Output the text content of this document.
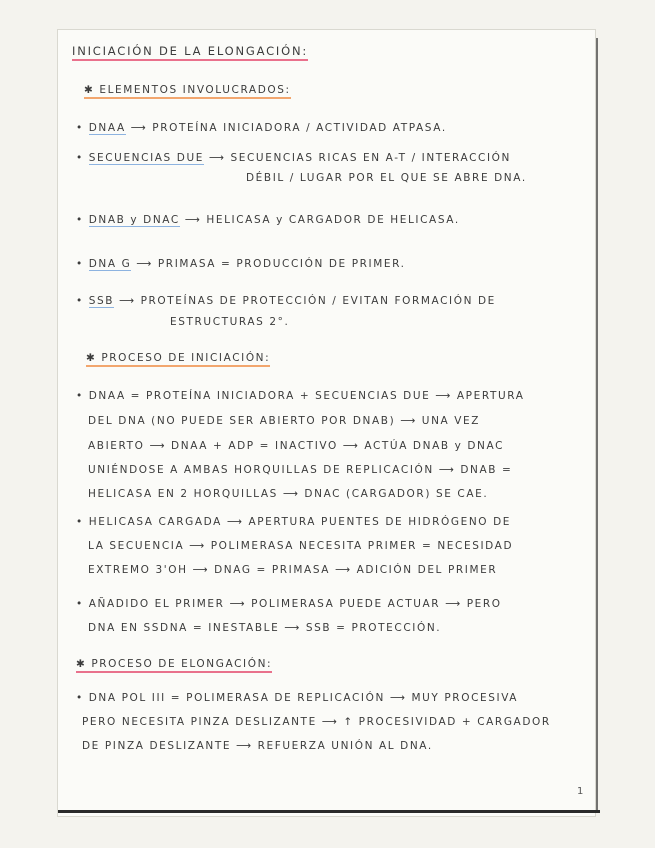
INICIACIÓN DE LA ELONGACIÓN:
✱ ELEMENTOS INVOLUCRADOS:
• DNAA ⟶ PROTEÍNA INICIADORA / ACTIVIDAD ATPASA.
• SECUENCIAS DUE ⟶ SECUENCIAS RICAS EN A-T / INTERACCIÓN
DÉBIL / LUGAR POR EL QUE SE ABRE DNA.
• DNAB y DNAC ⟶ HELICASA y CARGADOR DE HELICASA.
• DNA G ⟶ PRIMASA = PRODUCCIÓN DE PRIMER.
• SSB ⟶ PROTEÍNAS DE PROTECCIÓN / EVITAN FORMACIÓN DE
ESTRUCTURAS 2°.
✱ PROCESO DE INICIACIÓN:
• DNAA = PROTEÍNA INICIADORA + SECUENCIAS DUE ⟶ APERTURA
DEL DNA (NO PUEDE SER ABIERTO POR DNAB) ⟶ UNA VEZ
ABIERTO ⟶ DNAA + ADP = INACTIVO ⟶ ACTÚA DNAB y DNAC
UNIÉNDOSE A AMBAS HORQUILLAS DE REPLICACIÓN ⟶ DNAB =
HELICASA EN 2 HORQUILLAS ⟶ DNAC (CARGADOR) SE CAE.
• HELICASA CARGADA ⟶ APERTURA PUENTES DE HIDRÓGENO DE
LA SECUENCIA ⟶ POLIMERASA NECESITA PRIMER = NECESIDAD
EXTREMO 3'OH ⟶ DNAG = PRIMASA ⟶ ADICIÓN DEL PRIMER
• AÑADIDO EL PRIMER ⟶ POLIMERASA PUEDE ACTUAR ⟶ PERO
DNA EN SSDNA = INESTABLE ⟶ SSB = PROTECCIÓN.
✱ PROCESO DE ELONGACIÓN:
• DNA POL III = POLIMERASA DE REPLICACIÓN ⟶ MUY PROCESIVA
PERO NECESITA PINZA DESLIZANTE ⟶ ↑ PROCESIVIDAD + CARGADOR
DE PINZA DESLIZANTE ⟶ REFUERZA UNIÓN AL DNA.
1
